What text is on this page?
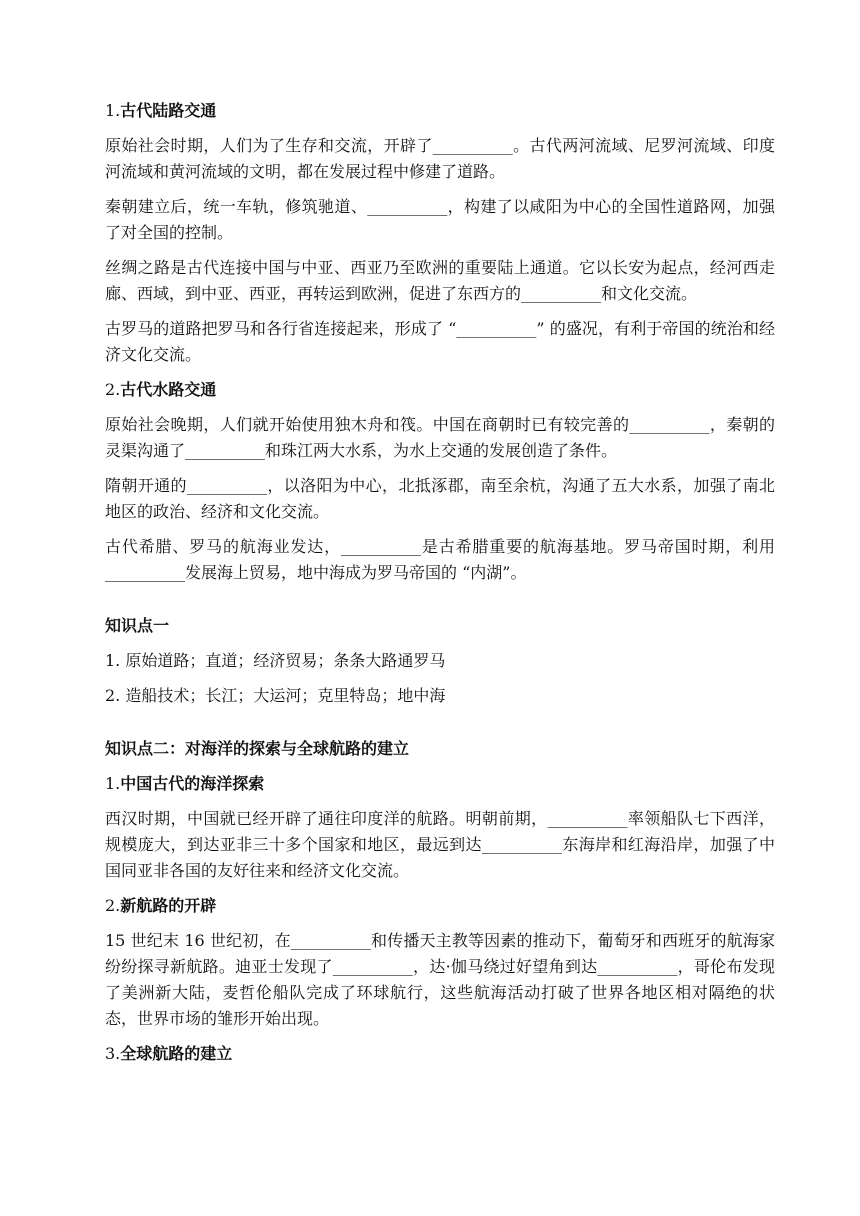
1.古代陆路交通

原始社会时期，人们为了生存和交流，开辟了__________。古代两河流域、尼罗河流域、印度河流域和黄河流域的文明，都在发展过程中修建了道路。

秦朝建立后，统一车轨，修筑驰道、__________，构建了以咸阳为中心的全国性道路网，加强了对全国的控制。

丝绸之路是古代连接中国与中亚、西亚乃至欧洲的重要陆上通道。它以长安为起点，经河西走廊、西域，到中亚、西亚，再转运到欧洲，促进了东西方的__________和文化交流。

古罗马的道路把罗马和各行省连接起来，形成了 “__________” 的盛况，有利于帝国的统治和经济文化交流。

2.古代水路交通

原始社会晚期，人们就开始使用独木舟和筏。中国在商朝时已有较完善的__________，秦朝的灵渠沟通了__________和珠江两大水系，为水上交通的发展创造了条件。

隋朝开通的__________，以洛阳为中心，北抵涿郡，南至余杭，沟通了五大水系，加强了南北地区的政治、经济和文化交流。

古代希腊、罗马的航海业发达，__________是古希腊重要的航海基地。罗马帝国时期，利用__________发展海上贸易，地中海成为罗马帝国的 “内湖”。

知识点一

1. 原始道路；直道；经济贸易；条条大路通罗马

2. 造船技术；长江；大运河；克里特岛；地中海

知识点二：对海洋的探索与全球航路的建立
1.中国古代的海洋探索

西汉时期，中国就已经开辟了通往印度洋的航路。明朝前期，__________率领船队七下西洋，规模庞大，到达亚非三十多个国家和地区，最远到达__________东海岸和红海沿岸，加强了中国同亚非各国的友好往来和经济文化交流。

2.新航路的开辟

15 世纪末 16 世纪初，在__________和传播天主教等因素的推动下，葡萄牙和西班牙的航海家纷纷探寻新航路。迪亚士发现了__________，达·伽马绕过好望角到达__________，哥伦布发现了美洲新大陆，麦哲伦船队完成了环球航行，这些航海活动打破了世界各地区相对隔绝的状态，世界市场的雏形开始出现。

3.全球航路的建立
